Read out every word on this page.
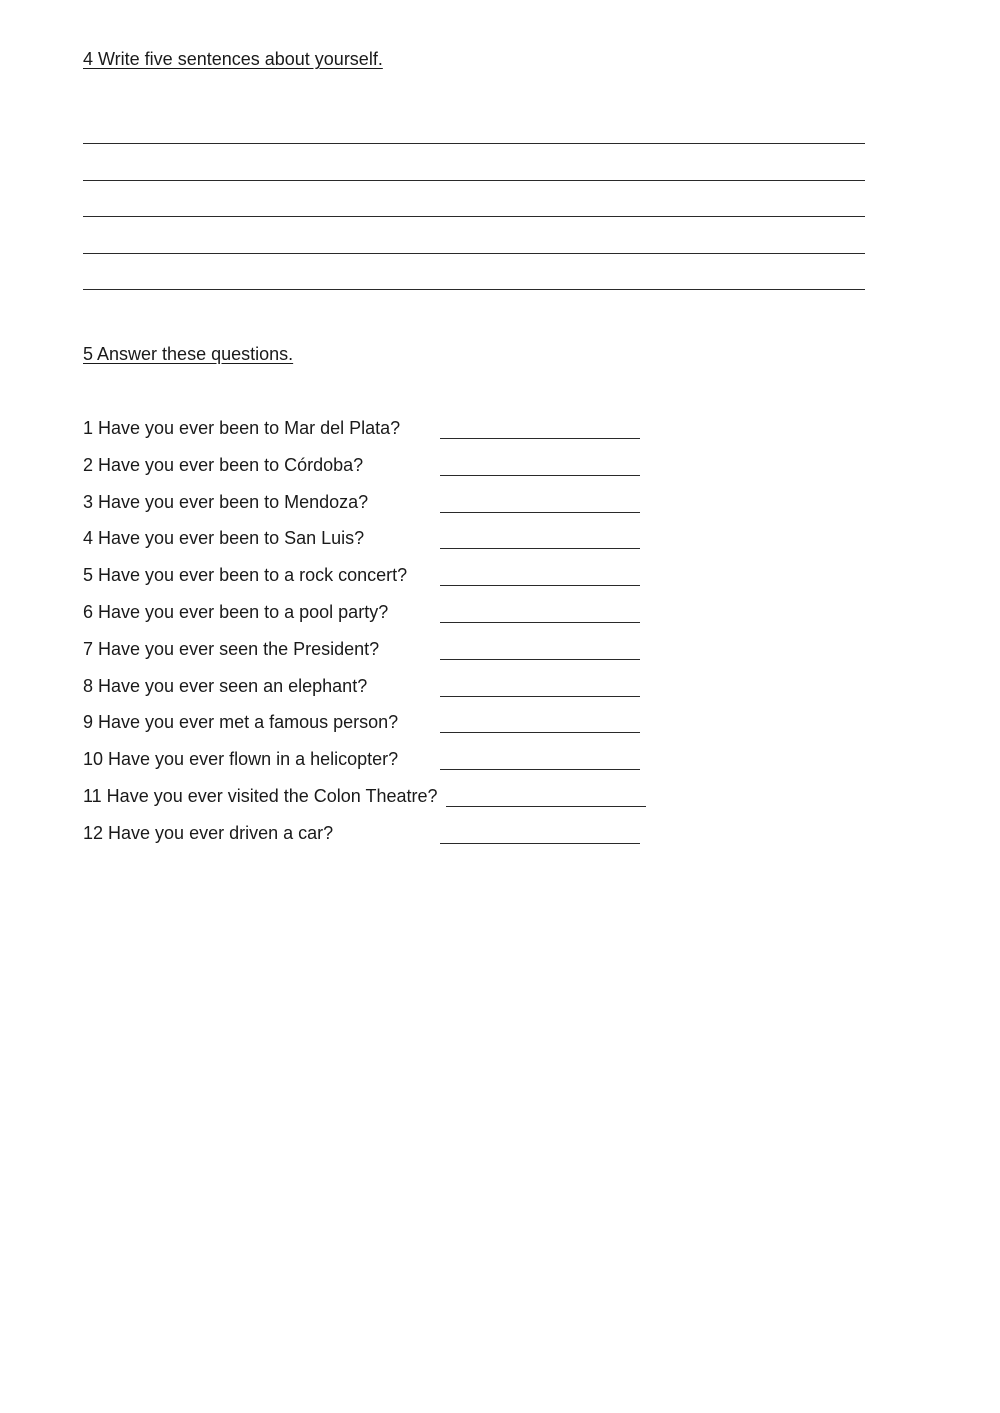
4 Write five sentences about yourself.
5 Answer these questions.
1 Have you ever been to Mar del Plata?
2 Have you ever been to Córdoba?
3 Have you ever been to Mendoza?
4 Have you ever been to San Luis?
5 Have you ever been to a rock concert?
6 Have you ever been to a pool party?
7 Have you ever seen the President?
8 Have you ever seen an elephant?
9 Have you ever met a famous person?
10 Have you ever flown in a helicopter?
11 Have you ever visited the Colon Theatre?
12 Have you ever driven a car?
